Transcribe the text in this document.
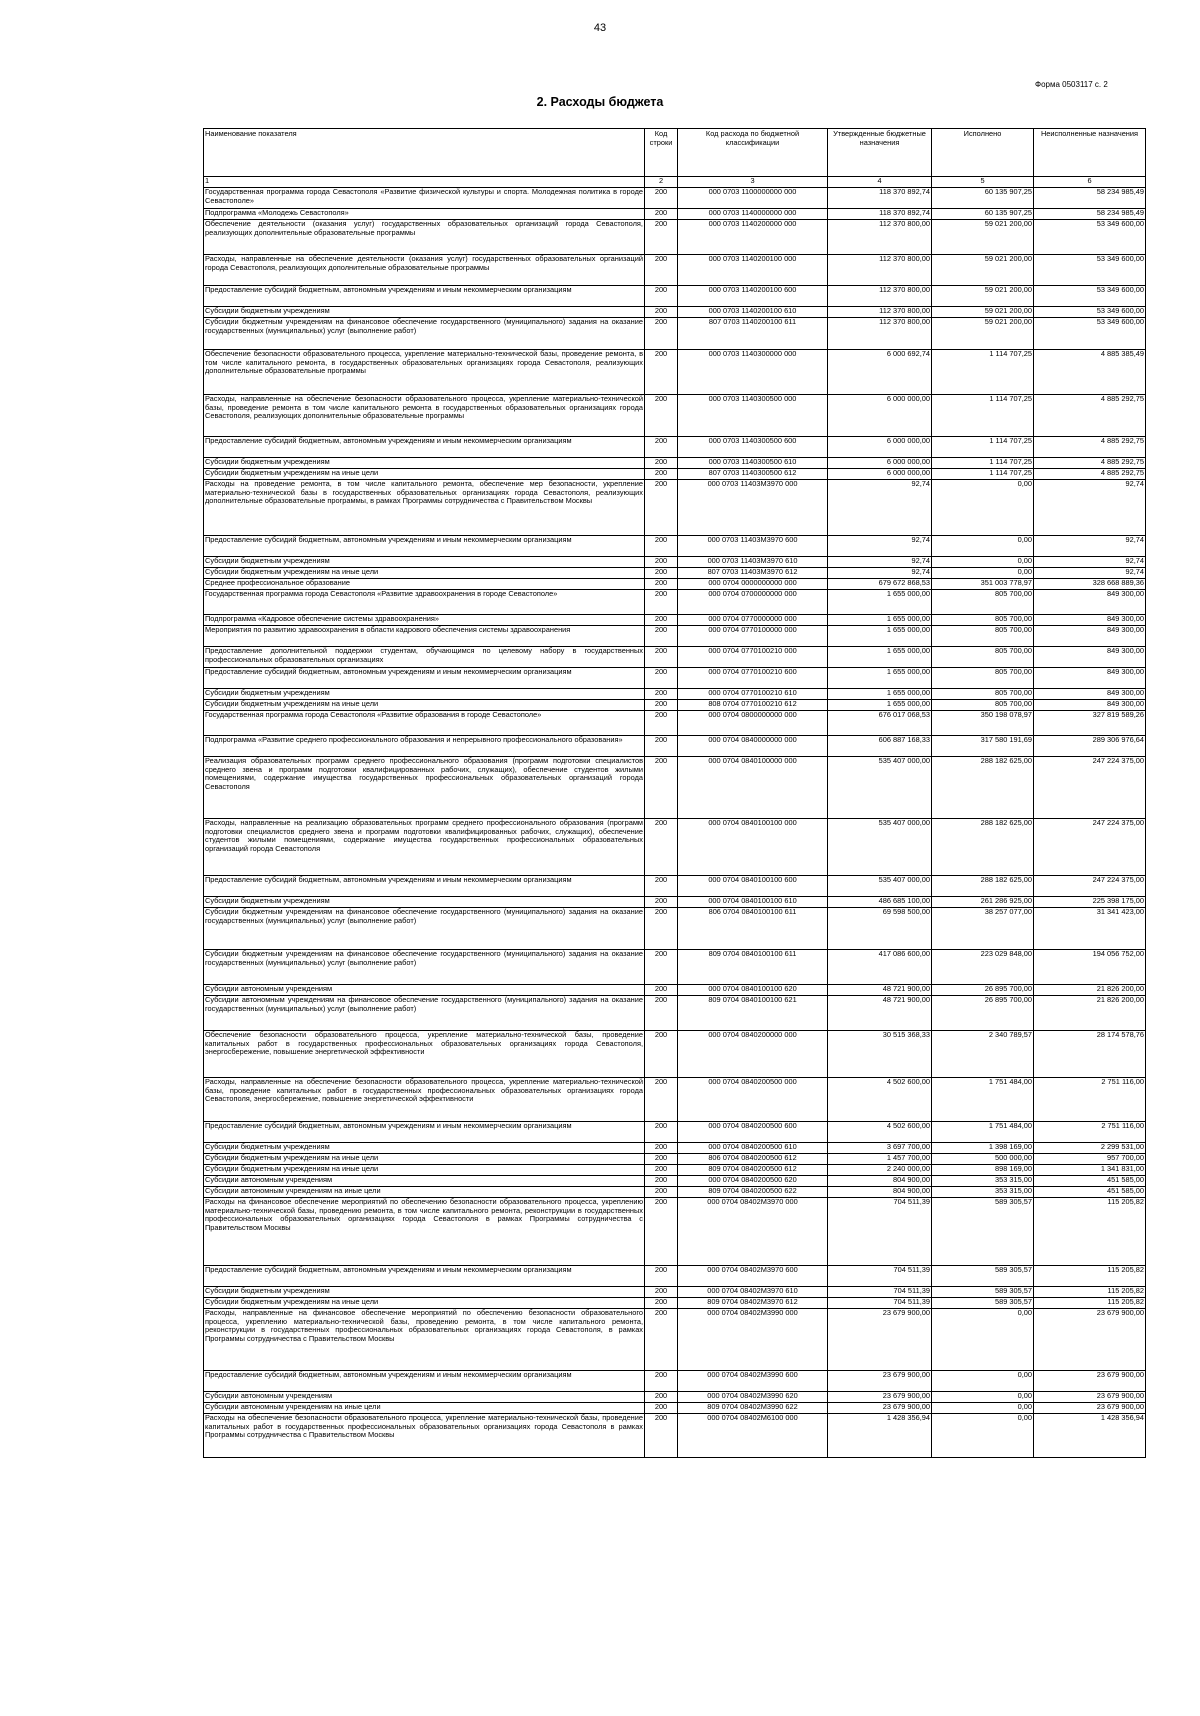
43
Форма 0503117 с. 2
2. Расходы бюджета
Наименование показателя	Код строки	Код расхода по бюджетной классификации	Утвержденные бюджетные назначения	Исполнено	Неисполненные назначения
1	2	3	4	5	6
Государственная программа города Севастополя «Развитие физической культуры и спорта. Молодежная политика в городе Севастополе»	200	000 0703 1100000000 000	118 370 892,74	60 135 907,25	58 234 985,49
Подпрограмма «Молодежь Севастополя»	200	000 0703 1140000000 000	118 370 892,74	60 135 907,25	58 234 985,49
Обеспечение деятельности (оказания услуг) государственных образовательных организаций города Севастополя, реализующих дополнительные образовательные программы	200	000 0703 1140200000 000	112 370 800,00	59 021 200,00	53 349 600,00
Расходы, направленные на обеспечение деятельности (оказания услуг) государственных образовательных организаций города Севастополя, реализующих дополнительные образовательные программы	200	000 0703 1140200100 000	112 370 800,00	59 021 200,00	53 349 600,00
Предоставление субсидий бюджетным, автономным учреждениям и иным некоммерческим организациям	200	000 0703 1140200100 600	112 370 800,00	59 021 200,00	53 349 600,00
Субсидии бюджетным учреждениям	200	000 0703 1140200100 610	112 370 800,00	59 021 200,00	53 349 600,00
Субсидии бюджетным учреждениям на финансовое обеспечение государственного (муниципального) задания на оказание государственных (муниципальных) услуг (выполнение работ)	200	807 0703 1140200100 611	112 370 800,00	59 021 200,00	53 349 600,00
Обеспечение безопасности образовательного процесса, укрепление материально-технической базы, проведение ремонта, в том числе капитального ремонта, в государственных образовательных организациях города Севастополя, реализующих дополнительные образовательные программы	200	000 0703 1140300000 000	6 000 692,74	1 114 707,25	4 885 385,49
Расходы, направленные на обеспечение безопасности образовательного процесса, укрепление материально-технической базы, проведение ремонта в том числе капитального ремонта в государственных образовательных организациях города Севастополя, реализующих дополнительные образовательные программы	200	000 0703 1140300500 000	6 000 000,00	1 114 707,25	4 885 292,75
Предоставление субсидий бюджетным, автономным учреждениям и иным некоммерческим организациям	200	000 0703 1140300500 600	6 000 000,00	1 114 707,25	4 885 292,75
Субсидии бюджетным учреждениям	200	000 0703 1140300500 610	6 000 000,00	1 114 707,25	4 885 292,75
Субсидии бюджетным учреждениям на иные цели	200	807 0703 1140300500 612	6 000 000,00	1 114 707,25	4 885 292,75
Расходы на проведение ремонта, в том числе капитального ремонта, обеспечение мер безопасности, укрепление материально-технической базы в государственных образовательных организациях города Севастополя, реализующих дополнительные образовательные программы, в рамках Программы сотрудничества с Правительством Москвы	200	000 0703 11403M3970 000	92,74	0,00	92,74
Предоставление субсидий бюджетным, автономным учреждениям и иным некоммерческим организациям	200	000 0703 11403M3970 600	92,74	0,00	92,74
Субсидии бюджетным учреждениям	200	000 0703 11403M3970 610	92,74	0,00	92,74
Субсидии бюджетным учреждениям на иные цели	200	807 0703 11403M3970 612	92,74	0,00	92,74
Среднее профессиональное образование	200	000 0704 0000000000 000	679 672 868,53	351 003 778,97	328 668 889,36
Государственная программа города Севастополя «Развитие здравоохранения в городе Севастополе»	200	000 0704 0700000000 000	1 655 000,00	805 700,00	849 300,00
Подпрограмма «Кадровое обеспечение системы здравоохранения»	200	000 0704 0770000000 000	1 655 000,00	805 700,00	849 300,00
Мероприятия по развитию здравоохранения в области кадрового обеспечения системы здравоохранения	200	000 0704 0770100000 000	1 655 000,00	805 700,00	849 300,00
Предоставление дополнительной поддержки студентам, обучающимся по целевому набору в государственных профессиональных образовательных организациях	200	000 0704 0770100210 000	1 655 000,00	805 700,00	849 300,00
Предоставление субсидий бюджетным, автономным учреждениям и иным некоммерческим организациям	200	000 0704 0770100210 600	1 655 000,00	805 700,00	849 300,00
Субсидии бюджетным учреждениям	200	000 0704 0770100210 610	1 655 000,00	805 700,00	849 300,00
Субсидии бюджетным учреждениям на иные цели	200	808 0704 0770100210 612	1 655 000,00	805 700,00	849 300,00
Государственная программа города Севастополя «Развитие образования в городе Севастополе»	200	000 0704 0800000000 000	676 017 068,53	350 198 078,97	327 819 589,26
Подпрограмма «Развитие среднего профессионального образования и непрерывного профессионального образования»	200	000 0704 0840000000 000	606 887 168,33	317 580 191,69	289 306 976,64
Реализация образовательных программ среднего профессионального образования (программ подготовки специалистов среднего звена и программ подготовки квалифицированных рабочих, служащих), обеспечение студентов жилыми помещениями, содержание имущества государственных профессиональных образовательных организаций города Севастополя	200	000 0704 0840100000 000	535 407 000,00	288 182 625,00	247 224 375,00
Расходы, направленные на реализацию образовательных программ среднего профессионального образования (программ подготовки специалистов среднего звена и программ подготовки квалифицированных рабочих, служащих), обеспечение студентов жилыми помещениями, содержание имущества государственных профессиональных образовательных организаций города Севастополя	200	000 0704 0840100100 000	535 407 000,00	288 182 625,00	247 224 375,00
Предоставление субсидий бюджетным, автономным учреждениям и иным некоммерческим организациям	200	000 0704 0840100100 600	535 407 000,00	288 182 625,00	247 224 375,00
Субсидии бюджетным учреждениям	200	000 0704 0840100100 610	486 685 100,00	261 286 925,00	225 398 175,00
Субсидии бюджетным учреждениям на финансовое обеспечение государственного (муниципального) задания на оказание государственных (муниципальных) услуг (выполнение работ)	200	806 0704 0840100100 611	69 598 500,00	38 257 077,00	31 341 423,00
Субсидии бюджетным учреждениям на финансовое обеспечение государственного (муниципального) задания на оказание государственных (муниципальных) услуг (выполнение работ)	200	809 0704 0840100100 611	417 086 600,00	223 029 848,00	194 056 752,00
Субсидии автономным учреждениям	200	000 0704 0840100100 620	48 721 900,00	26 895 700,00	21 826 200,00
Субсидии автономным учреждениям на финансовое обеспечение государственного (муниципального) задания на оказание государственных (муниципальных) услуг (выполнение работ)	200	809 0704 0840100100 621	48 721 900,00	26 895 700,00	21 826 200,00
Обеспечение безопасности образовательного процесса, укрепление материально-технической базы, проведение капитальных работ в государственных профессиональных образовательных организациях города Севастополя, энергосбережение, повышение энергетической эффективности	200	000 0704 0840200000 000	30 515 368,33	2 340 789,57	28 174 578,76
Расходы, направленные на обеспечение безопасности образовательного процесса, укрепление материально-технической базы, проведение капитальных работ в государственных профессиональных образовательных организациях города Севастополя, энергосбережение, повышение энергетической эффективности	200	000 0704 0840200500 000	4 502 600,00	1 751 484,00	2 751 116,00
Предоставление субсидий бюджетным, автономным учреждениям и иным некоммерческим организациям	200	000 0704 0840200500 600	4 502 600,00	1 751 484,00	2 751 116,00
Субсидии бюджетным учреждениям	200	000 0704 0840200500 610	3 697 700,00	1 398 169,00	2 299 531,00
Субсидии бюджетным учреждениям на иные цели	200	806 0704 0840200500 612	1 457 700,00	500 000,00	957 700,00
Субсидии бюджетным учреждениям на иные цели	200	809 0704 0840200500 612	2 240 000,00	898 169,00	1 341 831,00
Субсидии автономным учреждениям	200	000 0704 0840200500 620	804 900,00	353 315,00	451 585,00
Субсидии автономным учреждениям на иные цели	200	809 0704 0840200500 622	804 900,00	353 315,00	451 585,00
Расходы на финансовое обеспечение мероприятий по обеспечению безопасности образовательного процесса, укреплению материально-технической базы, проведению ремонта, в том числе капитального ремонта, реконструкции в государственных профессиональных образовательных организациях города Севастополя в рамках Программы сотрудничества с Правительством Москвы	200	000 0704 08402M3970 000	704 511,39	589 305,57	115 205,82
Предоставление субсидий бюджетным, автономным учреждениям и иным некоммерческим организациям	200	000 0704 08402M3970 600	704 511,39	589 305,57	115 205,82
Субсидии бюджетным учреждениям	200	000 0704 08402M3970 610	704 511,39	589 305,57	115 205,82
Субсидии бюджетным учреждениям на иные цели	200	809 0704 08402M3970 612	704 511,39	589 305,57	115 205,82
Расходы, направленные на финансовое обеспечение мероприятий по обеспечению безопасности образовательного процесса, укреплению материально-технической базы, проведению ремонта, в том числе капитального ремонта, реконструкции в государственных профессиональных образовательных организациях города Севастополя, в рамках Программы сотрудничества с Правительством Москвы	200	000 0704 08402M3990 000	23 679 900,00	0,00	23 679 900,00
Предоставление субсидий бюджетным, автономным учреждениям и иным некоммерческим организациям	200	000 0704 08402M3990 600	23 679 900,00	0,00	23 679 900,00
Субсидии автономным учреждениям	200	000 0704 08402M3990 620	23 679 900,00	0,00	23 679 900,00
Субсидии автономным учреждениям на иные цели	200	809 0704 08402M3990 622	23 679 900,00	0,00	23 679 900,00
Расходы на обеспечение безопасности образовательного процесса, укрепление материально-технической базы, проведение капитальных работ в государственных профессиональных образовательных организациях города Севастополя в рамках Программы сотрудничества с Правительством Москвы	200	000 0704 08402M6100 000	1 428 356,94	0,00	1 428 356,94
